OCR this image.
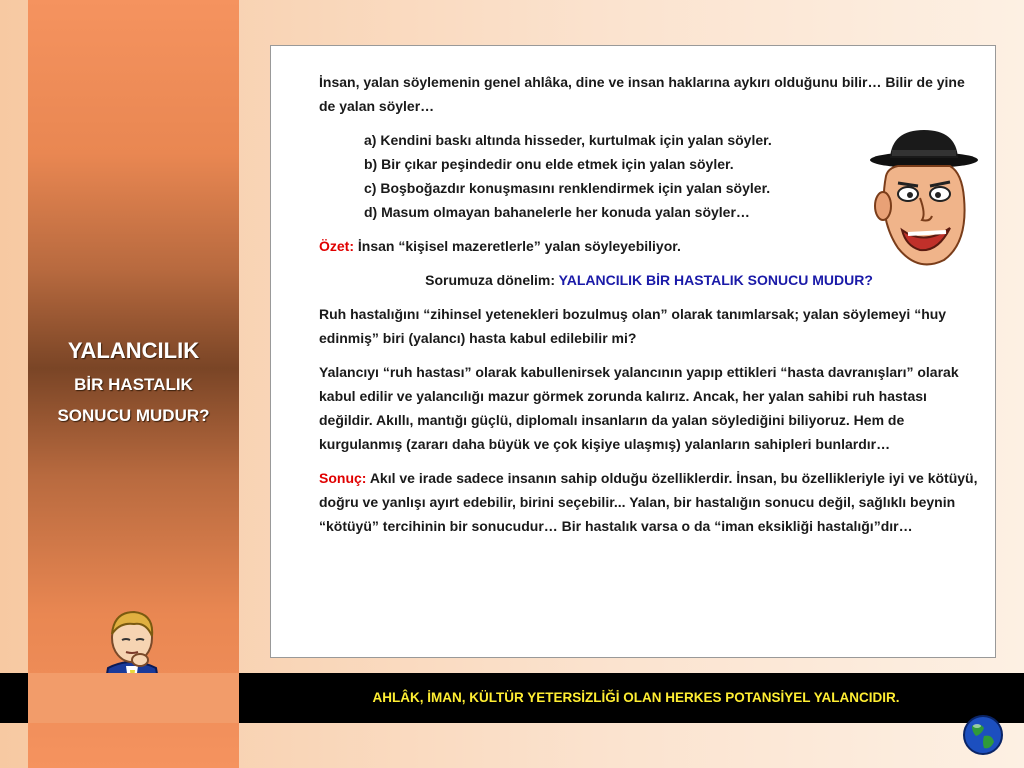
YALANCILIK
BİR HASTALIK
SONUCU MUDUR?

İnsan, yalan söylemenin genel ahlâka, dine ve insan haklarına aykırı olduğunu bilir… Bilir de yine de yalan söyler…

a) Kendini baskı altında hisseder, kurtulmak için yalan söyler.
b) Bir çıkar peşindedir onu elde etmek için yalan söyler.
c) Boşboğazdır konuşmasını renklendirmek için yalan söyler.
d) Masum olmayan bahanelerle her konuda yalan söyler…

Özet: İnsan “kişisel mazeretlerle” yalan söyleyebiliyor.

Sorumuza dönelim: YALANCILIK BİR HASTALIK SONUCU MUDUR?

Ruh hastalığını “zihinsel yetenekleri bozulmuş olan” olarak tanımlarsak; yalan söylemeyi “huy edinmiş” biri (yalancı) hasta kabul edilebilir mi?

Yalancıyı “ruh hastası” olarak kabullenirsek yalancının yapıp ettikleri “hasta davranışları” olarak kabul edilir ve yalancılığı mazur görmek zorunda kalırız. Ancak, her yalan sahibi ruh hastası değildir. Akıllı, mantığı güçlü, diplomalı insanların da yalan söylediğini biliyoruz. Hem de kurgulanmış (zararı daha büyük ve çok kişiye ulaşmış) yalanların sahipleri bunlardır…

Sonuç: Akıl ve irade sadece insanın sahip olduğu özelliklerdir. İnsan, bu özellikleriyle iyi ve kötüyü, doğru ve yanlışı ayırt edebilir, birini seçebilir... Yalan, bir hastalığın sonucu değil, sağlıklı beynin “kötüyü” tercihinin bir sonucudur… Bir hastalık varsa o da “iman eksikliği hastalığı”dır…

AHLÂK, İMAN, KÜLTÜR YETERSİZLİĞİ OLAN HERKES POTANSİYEL YALANCIDIR.
